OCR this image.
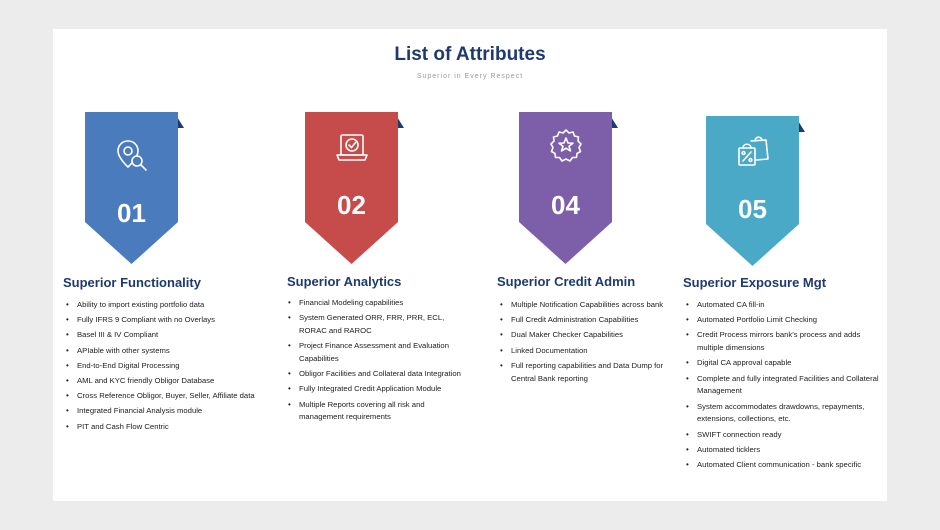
List of Attributes
Superior in Every Respect
01
Superior Functionality
• Ability to import existing portfolio data
• Fully IFRS 9 Compliant with no Overlays
• Basel III & IV Compliant
• APIable with other systems
• End-to-End Digital Processing
• AML and KYC friendly Obligor Database
• Cross Reference Obligor, Buyer, Seller, Affiliate data
• Integrated Financial Analysis module
• PIT and Cash Flow Centric
02
Superior Analytics
• Financial Modeling capabilities
• System Generated ORR, FRR, PRR, ECL, RORAC and RAROC
• Project Finance Assessment and Evaluation Capabilities
• Obligor Facilities and Collateral data Integration
• Fully Integrated Credit Application Module
• Multiple Reports covering all risk and management requirements
04
Superior Credit Admin
• Multiple Notification Capabilities across bank
• Full Credit Administration Capabilities
• Dual Maker Checker Capabilities
• Linked Documentation
• Full reporting capabilities and Data Dump for Central Bank reporting
05
Superior Exposure Mgt
• Automated CA fill-in
• Automated Portfolio Limit Checking
• Credit Process mirrors bank's process and adds multiple dimensions
• Digital CA approval capable
• Complete and fully integrated Facilities and Collateral Management
• System accommodates drawdowns, repayments, extensions, collections, etc.
• SWIFT connection ready
• Automated ticklers
• Automated Client communication - bank specific
